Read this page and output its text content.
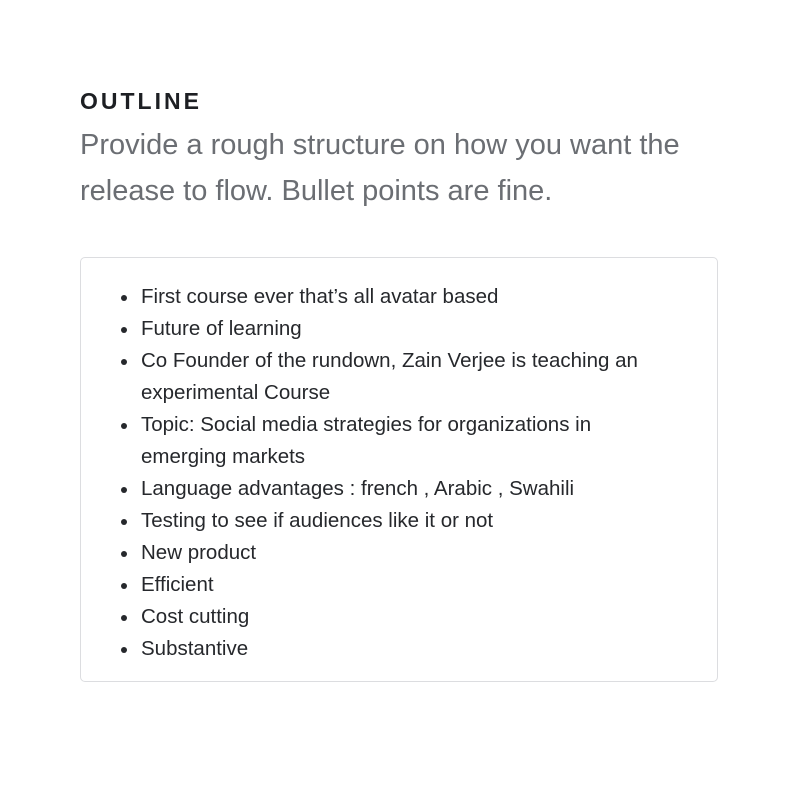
OUTLINE

Provide a rough structure on how you want the release to flow. Bullet points are fine.

First course ever that’s all avatar based
Future of learning
Co Founder of the rundown, Zain Verjee is teaching an experimental Course
Topic: Social media strategies for organizations in emerging markets
Language advantages : french , Arabic , Swahili
Testing to see if audiences like it or not
New product
Efficient
Cost cutting
Substantive
